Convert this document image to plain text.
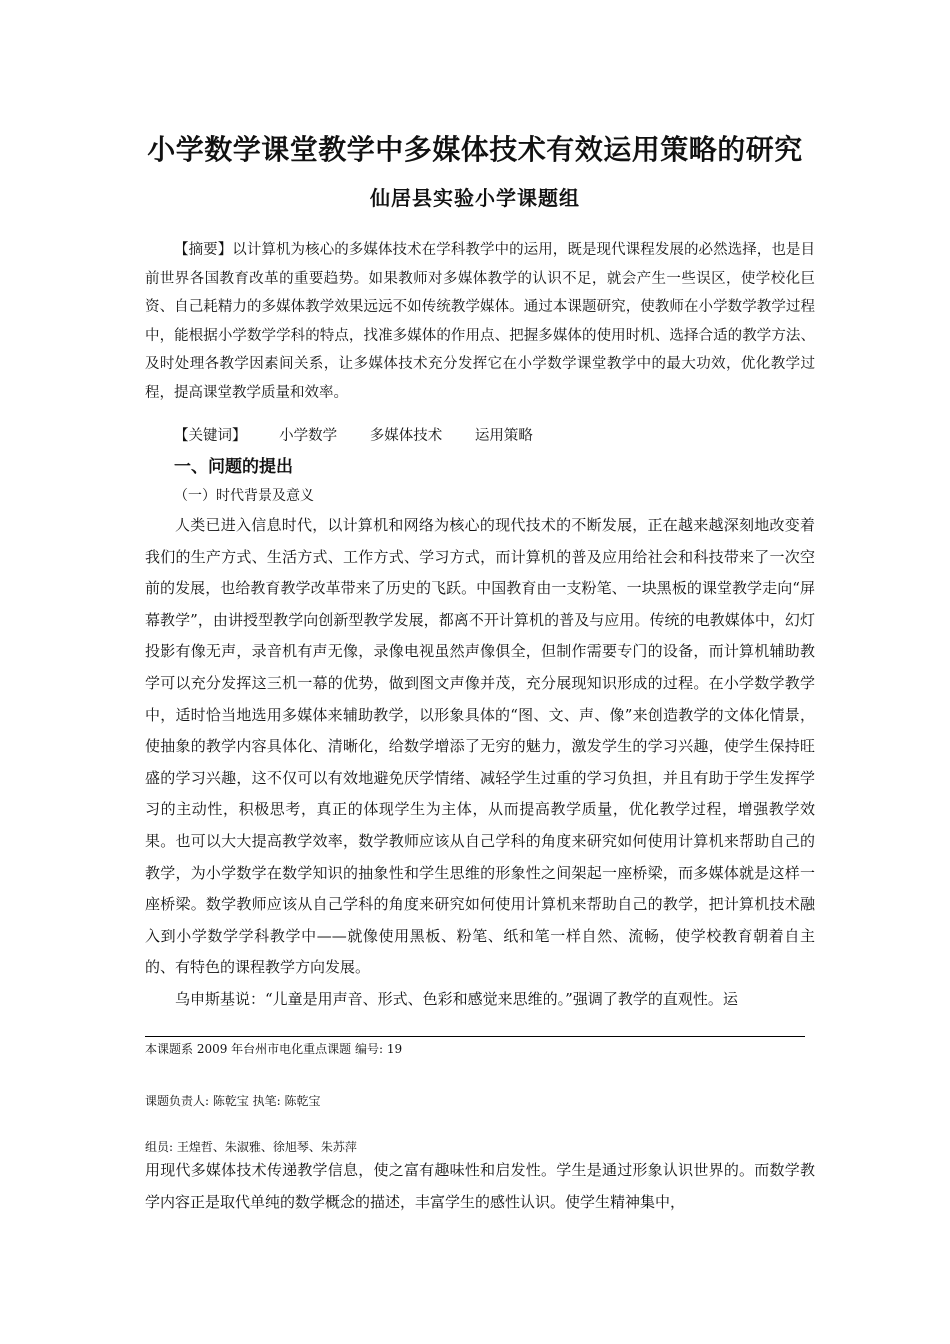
小学数学课堂教学中多媒体技术有效运用策略的研究
仙居县实验小学课题组
【摘要】以计算机为核心的多媒体技术在学科教学中的运用，既是现代课程发展的必然选择，也是目前世界各国教育改革的重要趋势。如果教师对多媒体教学的认识不足，就会产生一些误区，使学校化巨资、自己耗精力的多媒体教学效果远远不如传统教学媒体。通过本课题研究，使教师在小学数学教学过程中，能根据小学数学学科的特点，找准多媒体的作用点、把握多媒体的使用时机、选择合适的教学方法、及时处理各教学因素间关系，让多媒体技术充分发挥它在小学数学课堂教学中的最大功效，优化教学过程，提高课堂教学质量和效率。
【关键词】 小学数学 多媒体技术 运用策略
一、问题的提出
（一）时代背景及意义

人类已进入信息时代，以计算机和网络为核心的现代技术的不断发展，正在越来越深刻地改变着我们的生产方式、生活方式、工作方式、学习方式，而计算机的普及应用给社会和科技带来了一次空前的发展，也给教育教学改革带来了历史的飞跃。中国教育由一支粉笔、一块黑板的课堂教学走向“屏幕教学”，由讲授型教学向创新型教学发展，都离不开计算机的普及与应用。传统的电教媒体中，幻灯投影有像无声，录音机有声无像，录像电视虽然声像俱全，但制作需要专门的设备，而计算机辅助教学可以充分发挥这三机一幕的优势，做到图文声像并茂，充分展现知识形成的过程。在小学数学教学中，适时恰当地选用多媒体来辅助教学，以形象具体的“图、文、声、像”来创造教学的文体化情景，使抽象的教学内容具体化、清晰化，给数学增添了无穷的魅力，激发学生的学习兴趣，使学生保持旺盛的学习兴趣，这不仅可以有效地避免厌学情绪、减轻学生过重的学习负担，并且有助于学生发挥学习的主动性，积极思考，真正的体现学生为主体，从而提高教学质量，优化教学过程，增强教学效果。也可以大大提高教学效率，数学教师应该从自己学科的角度来研究如何使用计算机来帮助自己的教学，为小学数学在数学知识的抽象性和学生思维的形象性之间架起一座桥梁，而多媒体就是这样一座桥梁。数学教师应该从自己学科的角度来研究如何使用计算机来帮助自己的教学，把计算机技术融入到小学数学学科教学中——就像使用黑板、粉笔、纸和笔一样自然、流畅，使学校教育朝着自主的、有特色的课程教学方向发展。

乌申斯基说：“儿童是用声音、形式、色彩和感觉来思维的。”强调了教学的直观性。运

本课题系 2009 年台州市电化重点课题 编号: 19
课题负责人: 陈乾宝 执笔: 陈乾宝
组员: 王煌哲、朱淑雅、徐旭琴、朱苏萍
用现代多媒体技术传递教学信息，使之富有趣味性和启发性。学生是通过形象认识世界的。而数学教学内容正是取代单纯的数学概念的描述，丰富学生的感性认识。使学生精神集中，
